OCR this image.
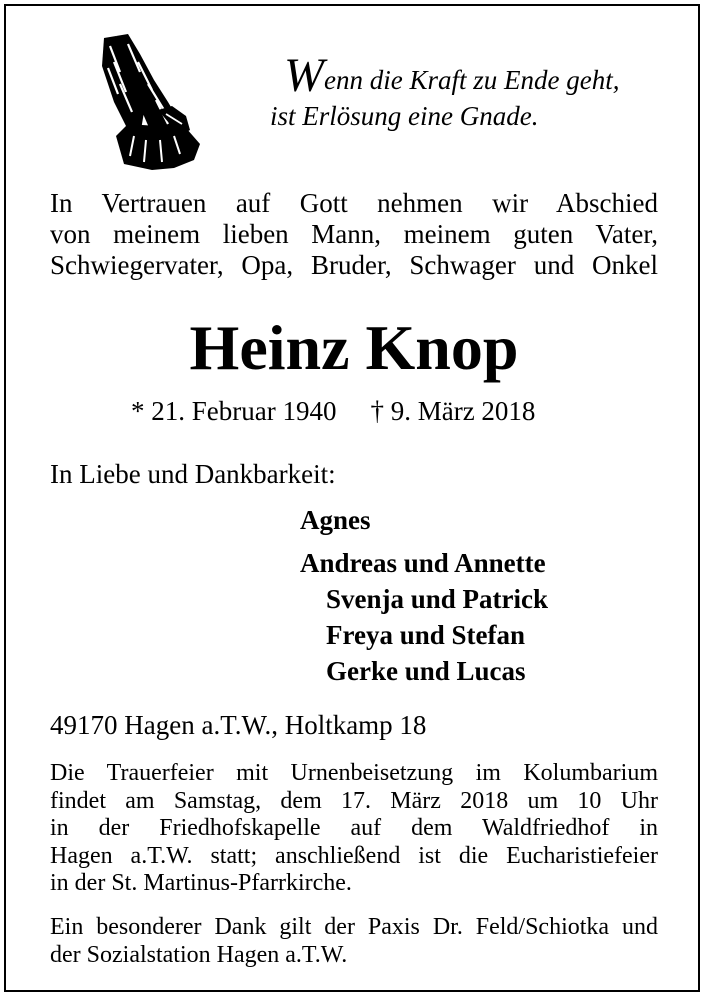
Wenn die Kraft zu Ende geht,
ist Erlösung eine Gnade.
In Vertrauen auf Gott nehmen wir Abschied
von meinem lieben Mann, meinem guten Vater,
Schwiegervater, Opa, Bruder, Schwager und Onkel
Heinz Knop
* 21. Februar 1940 † 9. März 2018
In Liebe und Dankbarkeit:
Agnes
Andreas und Annette
Svenja und Patrick
Freya und Stefan
Gerke und Lucas
49170 Hagen a.T.W., Holtkamp 18
Die Trauerfeier mit Urnenbeisetzung im Kolumbarium
findet am Samstag, dem 17. März 2018 um 10 Uhr
in der Friedhofskapelle auf dem Waldfriedhof in
Hagen a.T.W. statt; anschließend ist die Eucharistiefeier
in der St. Martinus-Pfarrkirche.
Ein besonderer Dank gilt der Paxis Dr. Feld/Schiotka und
der Sozialstation Hagen a.T.W.
